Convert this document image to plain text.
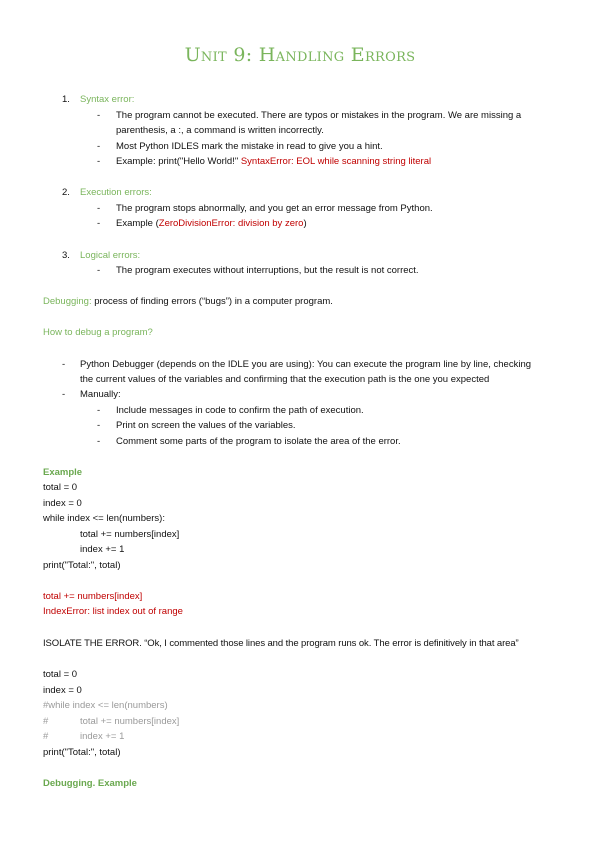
Unit 9: Handling Errors
1. Syntax error:
- The program cannot be executed. There are typos or mistakes in the program. We are missing a
parenthesis, a :, a command is written incorrectly.
- Most Python IDLES mark the mistake in read to give you a hint.
- Example: print("Hello World!" SyntaxError: EOL while scanning string literal
2. Execution errors:
- The program stops abnormally, and you get an error message from Python.
- Example (ZeroDivisionError: division by zero)
3. Logical errors:
- The program executes without interruptions, but the result is not correct.
Debugging: process of finding errors (“bugs”) in a computer program.
How to debug a program?
- Python Debugger (depends on the IDLE you are using): You can execute the program line by line, checking
the current values of the variables and confirming that the execution path is the one you expected
- Manually:
- Include messages in code to confirm the path of execution.
- Print on screen the values of the variables.
- Comment some parts of the program to isolate the area of the error.
Example
total = 0
index = 0
while index <= len(numbers):
total += numbers[index]
index += 1
print("Total:", total)
total += numbers[index]
IndexError: list index out of range
ISOLATE THE ERROR. “Ok, I commented those lines and the program runs ok. The error is definitively in that area”
total = 0
index = 0
#while index <= len(numbers)
#	total += numbers[index]
#	index += 1
print("Total:", total)
Debugging. Example
